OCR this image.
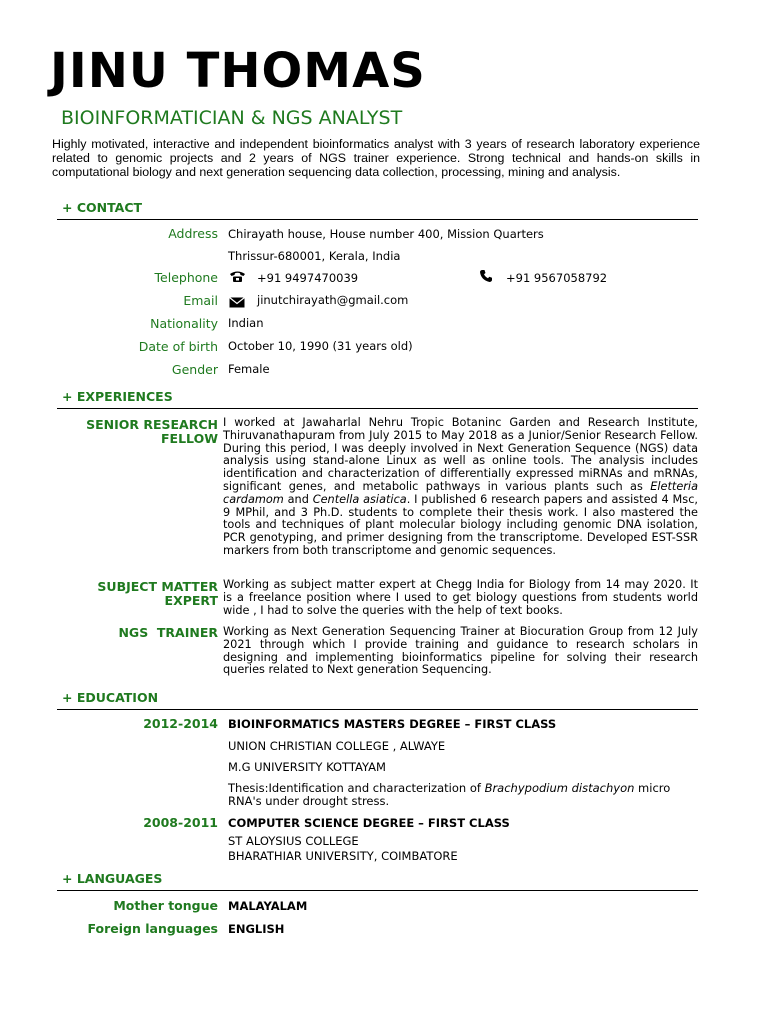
JINU THOMAS
BIOINFORMATICIAN & NGS ANALYST
Highly motivated, interactive and independent bioinformatics analyst with 3 years of research laboratory experience related to genomic projects and 2 years of NGS trainer experience. Strong technical and hands-on skills in computational biology and next generation sequencing data collection, processing, mining and analysis.
+ CONTACT
Address Chirayath house, House number 400, Mission Quarters
Thrissur-680001, Kerala, India
Telephone	+91 9497470039	+91 9567058792
Email	jinutchirayath@gmail.com
Nationality Indian
Date of birth October 10, 1990 (31 years old)
Gender Female
+ EXPERIENCES
SENIOR RESEARCH FELLOW
I worked at Jawaharlal Nehru Tropic Botaninc Garden and Research Institute, Thiruvanathapuram from July 2015 to May 2018 as a Junior/Senior Research Fellow. During this period, I was deeply involved in Next Generation Sequence (NGS) data analysis using stand-alone Linux as well as online tools. The analysis includes identification and characterization of differentially expressed miRNAs and mRNAs, significant genes, and metabolic pathways in various plants such as Eletteria cardamom and Centella asiatica. I published 6 research papers and assisted 4 Msc, 9 MPhil, and 3 Ph.D. students to complete their thesis work. I also mastered the tools and techniques of plant molecular biology including genomic DNA isolation, PCR genotyping, and primer designing from the transcriptome. Developed EST-SSR markers from both transcriptome and genomic sequences.
SUBJECT MATTER EXPERT
Working as subject matter expert at Chegg India for Biology from 14 may 2020. It is a freelance position where I used to get biology questions from students world wide , I had to solve the queries with the help of text books.
NGS  TRAINER Working as Next Generation Sequencing Trainer at Biocuration Group from 12 July 2021 through which I provide training and guidance to research scholars in designing and implementing bioinformatics pipeline for solving their research queries related to Next generation Sequencing.
+ EDUCATION
2012-2014 BIOINFORMATICS MASTERS DEGREE – FIRST CLASS
UNION CHRISTIAN COLLEGE , ALWAYE
M.G UNIVERSITY KOTTAYAM
Thesis:Identification and characterization of Brachypodium distachyon micro RNA's under drought stress.
2008-2011 COMPUTER SCIENCE DEGREE – FIRST CLASS
ST ALOYSIUS COLLEGE
BHARATHIAR UNIVERSITY, COIMBATORE
+ LANGUAGES
Mother tongue MALAYALAM
Foreign languages ENGLISH
